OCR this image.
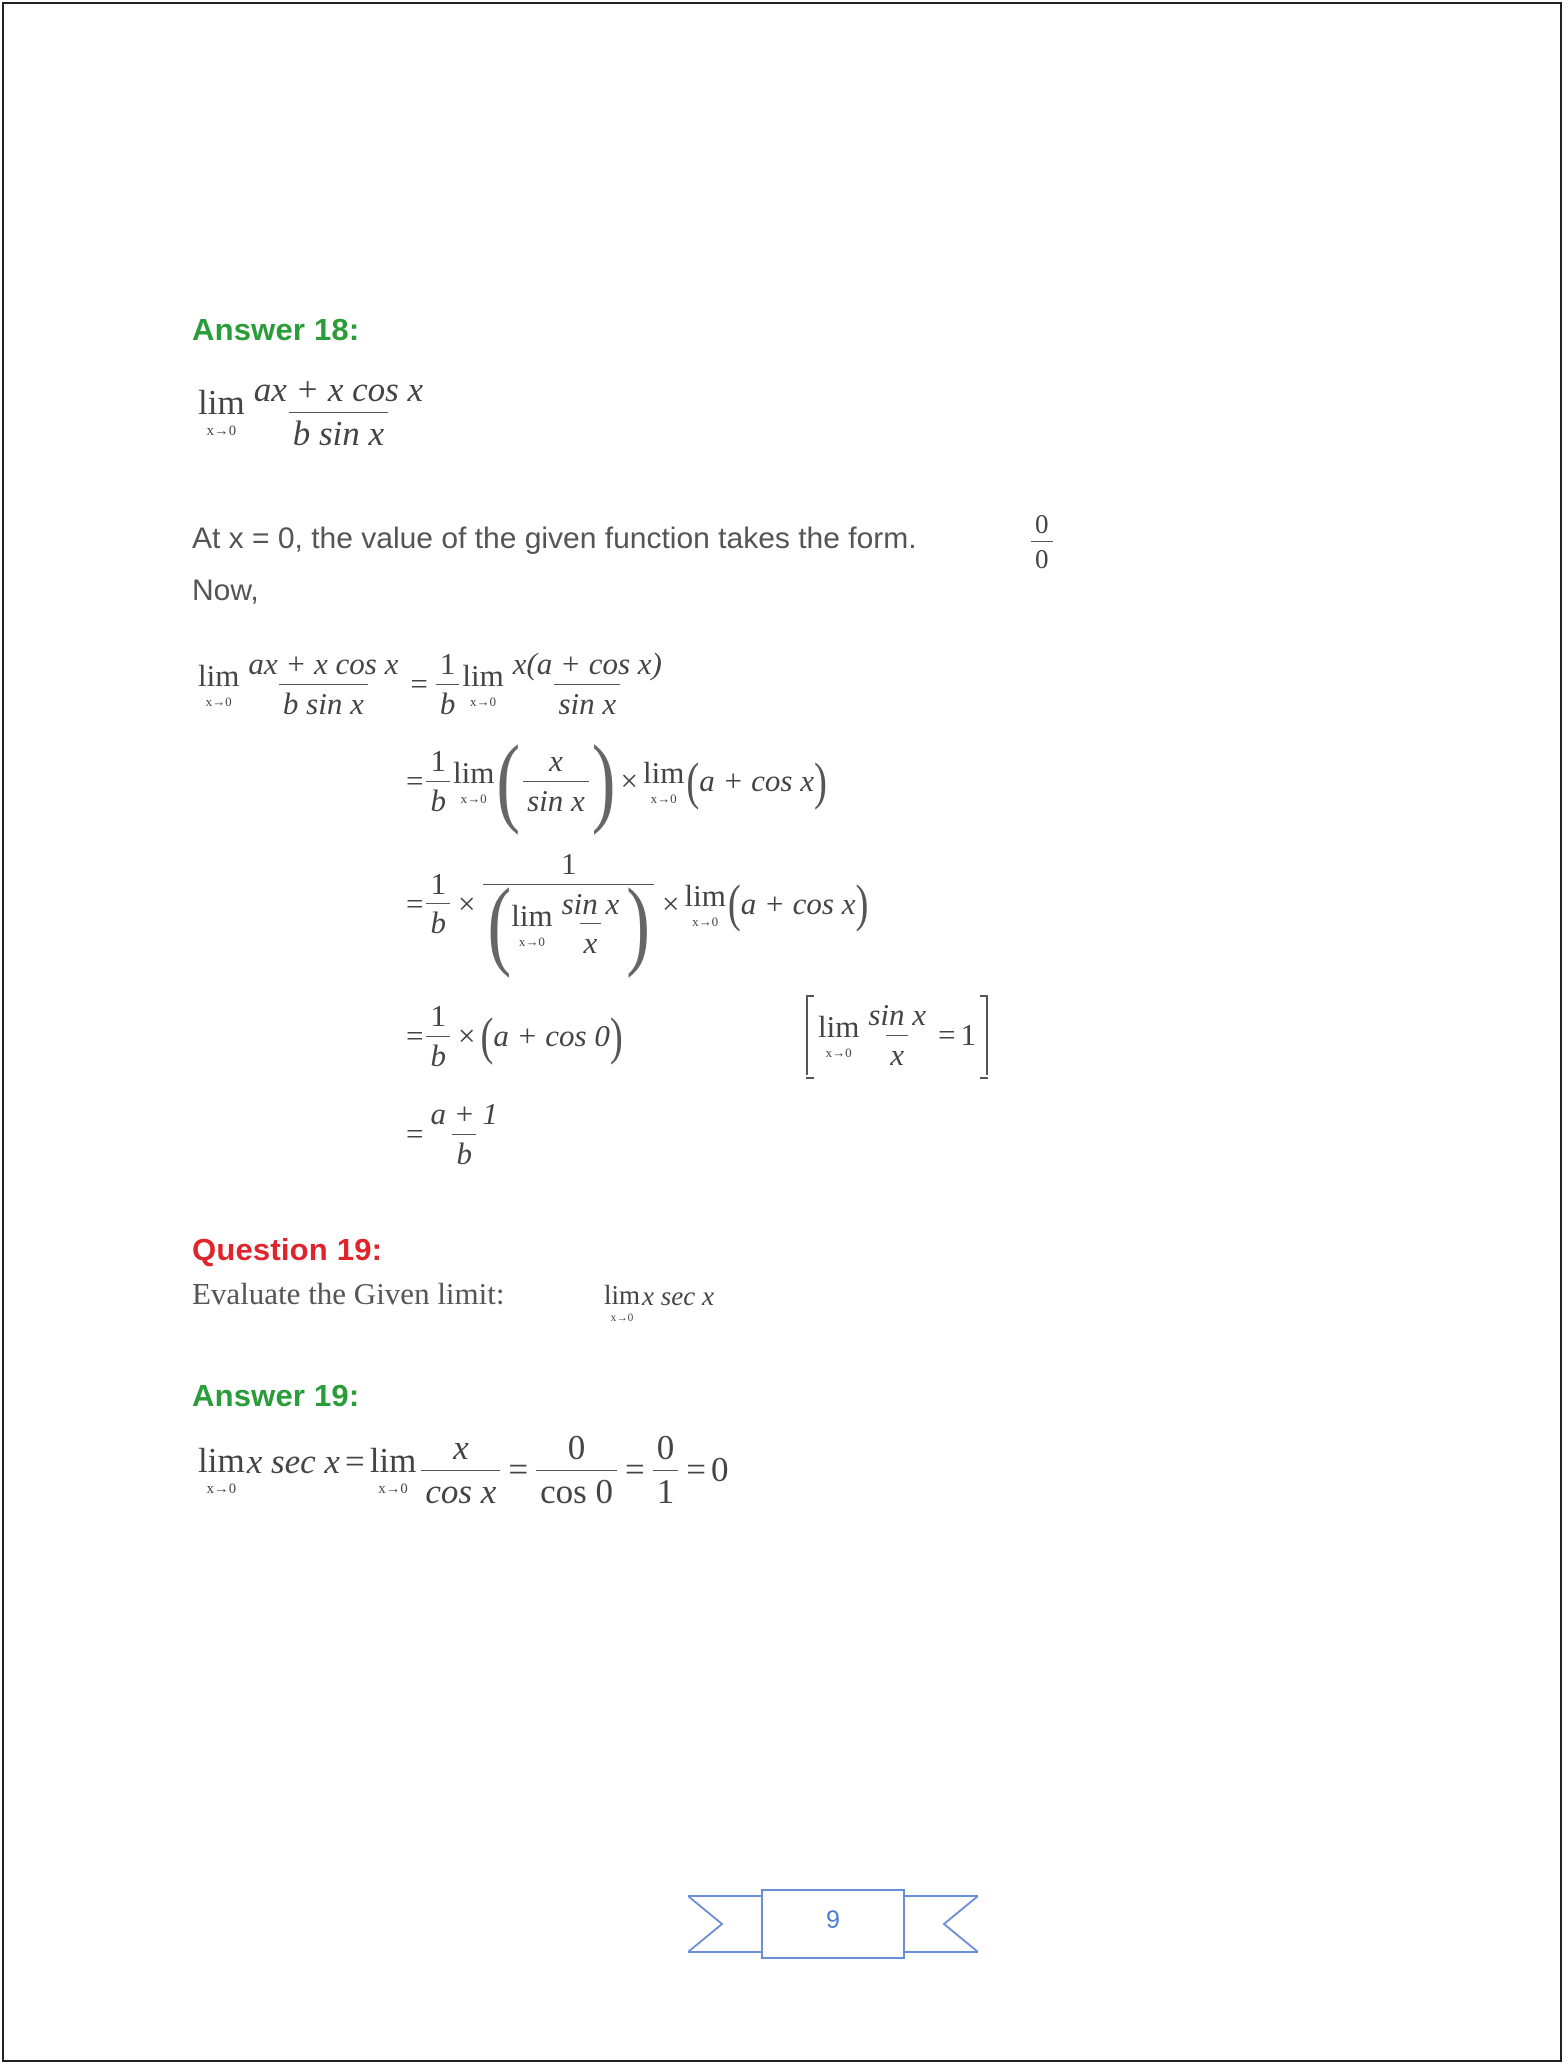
Answer 18:
lim
$x\to 0 \frac{\text{ax + x cos x}}{\text{b sin x}}$
At x = 0, the value of the given function takes the form.	$\frac{0}{0}$
Now,
lim
$x\to 0 \frac{\text{ax + x cos x}}{\text{b sin x}} = \frac{1}{b}$ lim
$x\to 0 \frac{\text{x(a + cos x)}}{\text{sin x}}$
= $\frac{1}{b}$ lim
x→0 ( $\frac{x}{\text{sin x}}$ ) × lim
x→0 ( a + cos x )
= $\frac{1}{b} \times 1$
( lim
$x\to 0 \frac{\text{sin x}}{x}$ ) × lim
x→0 ( a + cos x )
= $\frac{1}{b}$ × ( a + cos 0 )	lim
$x\to 0 \frac{\text{sin x}}{x} = 1$
= $\frac{a + 1}{b}$
Question 19:
Evaluate the Given limit:	lim
x→0
x sec x
Answer 19:
lim
x→0
x sec x = lim
$x\to 0 \frac{x}{\text{cos x}} = \frac{0}{\cos 0} = \frac{0}{1} = 0$
9
